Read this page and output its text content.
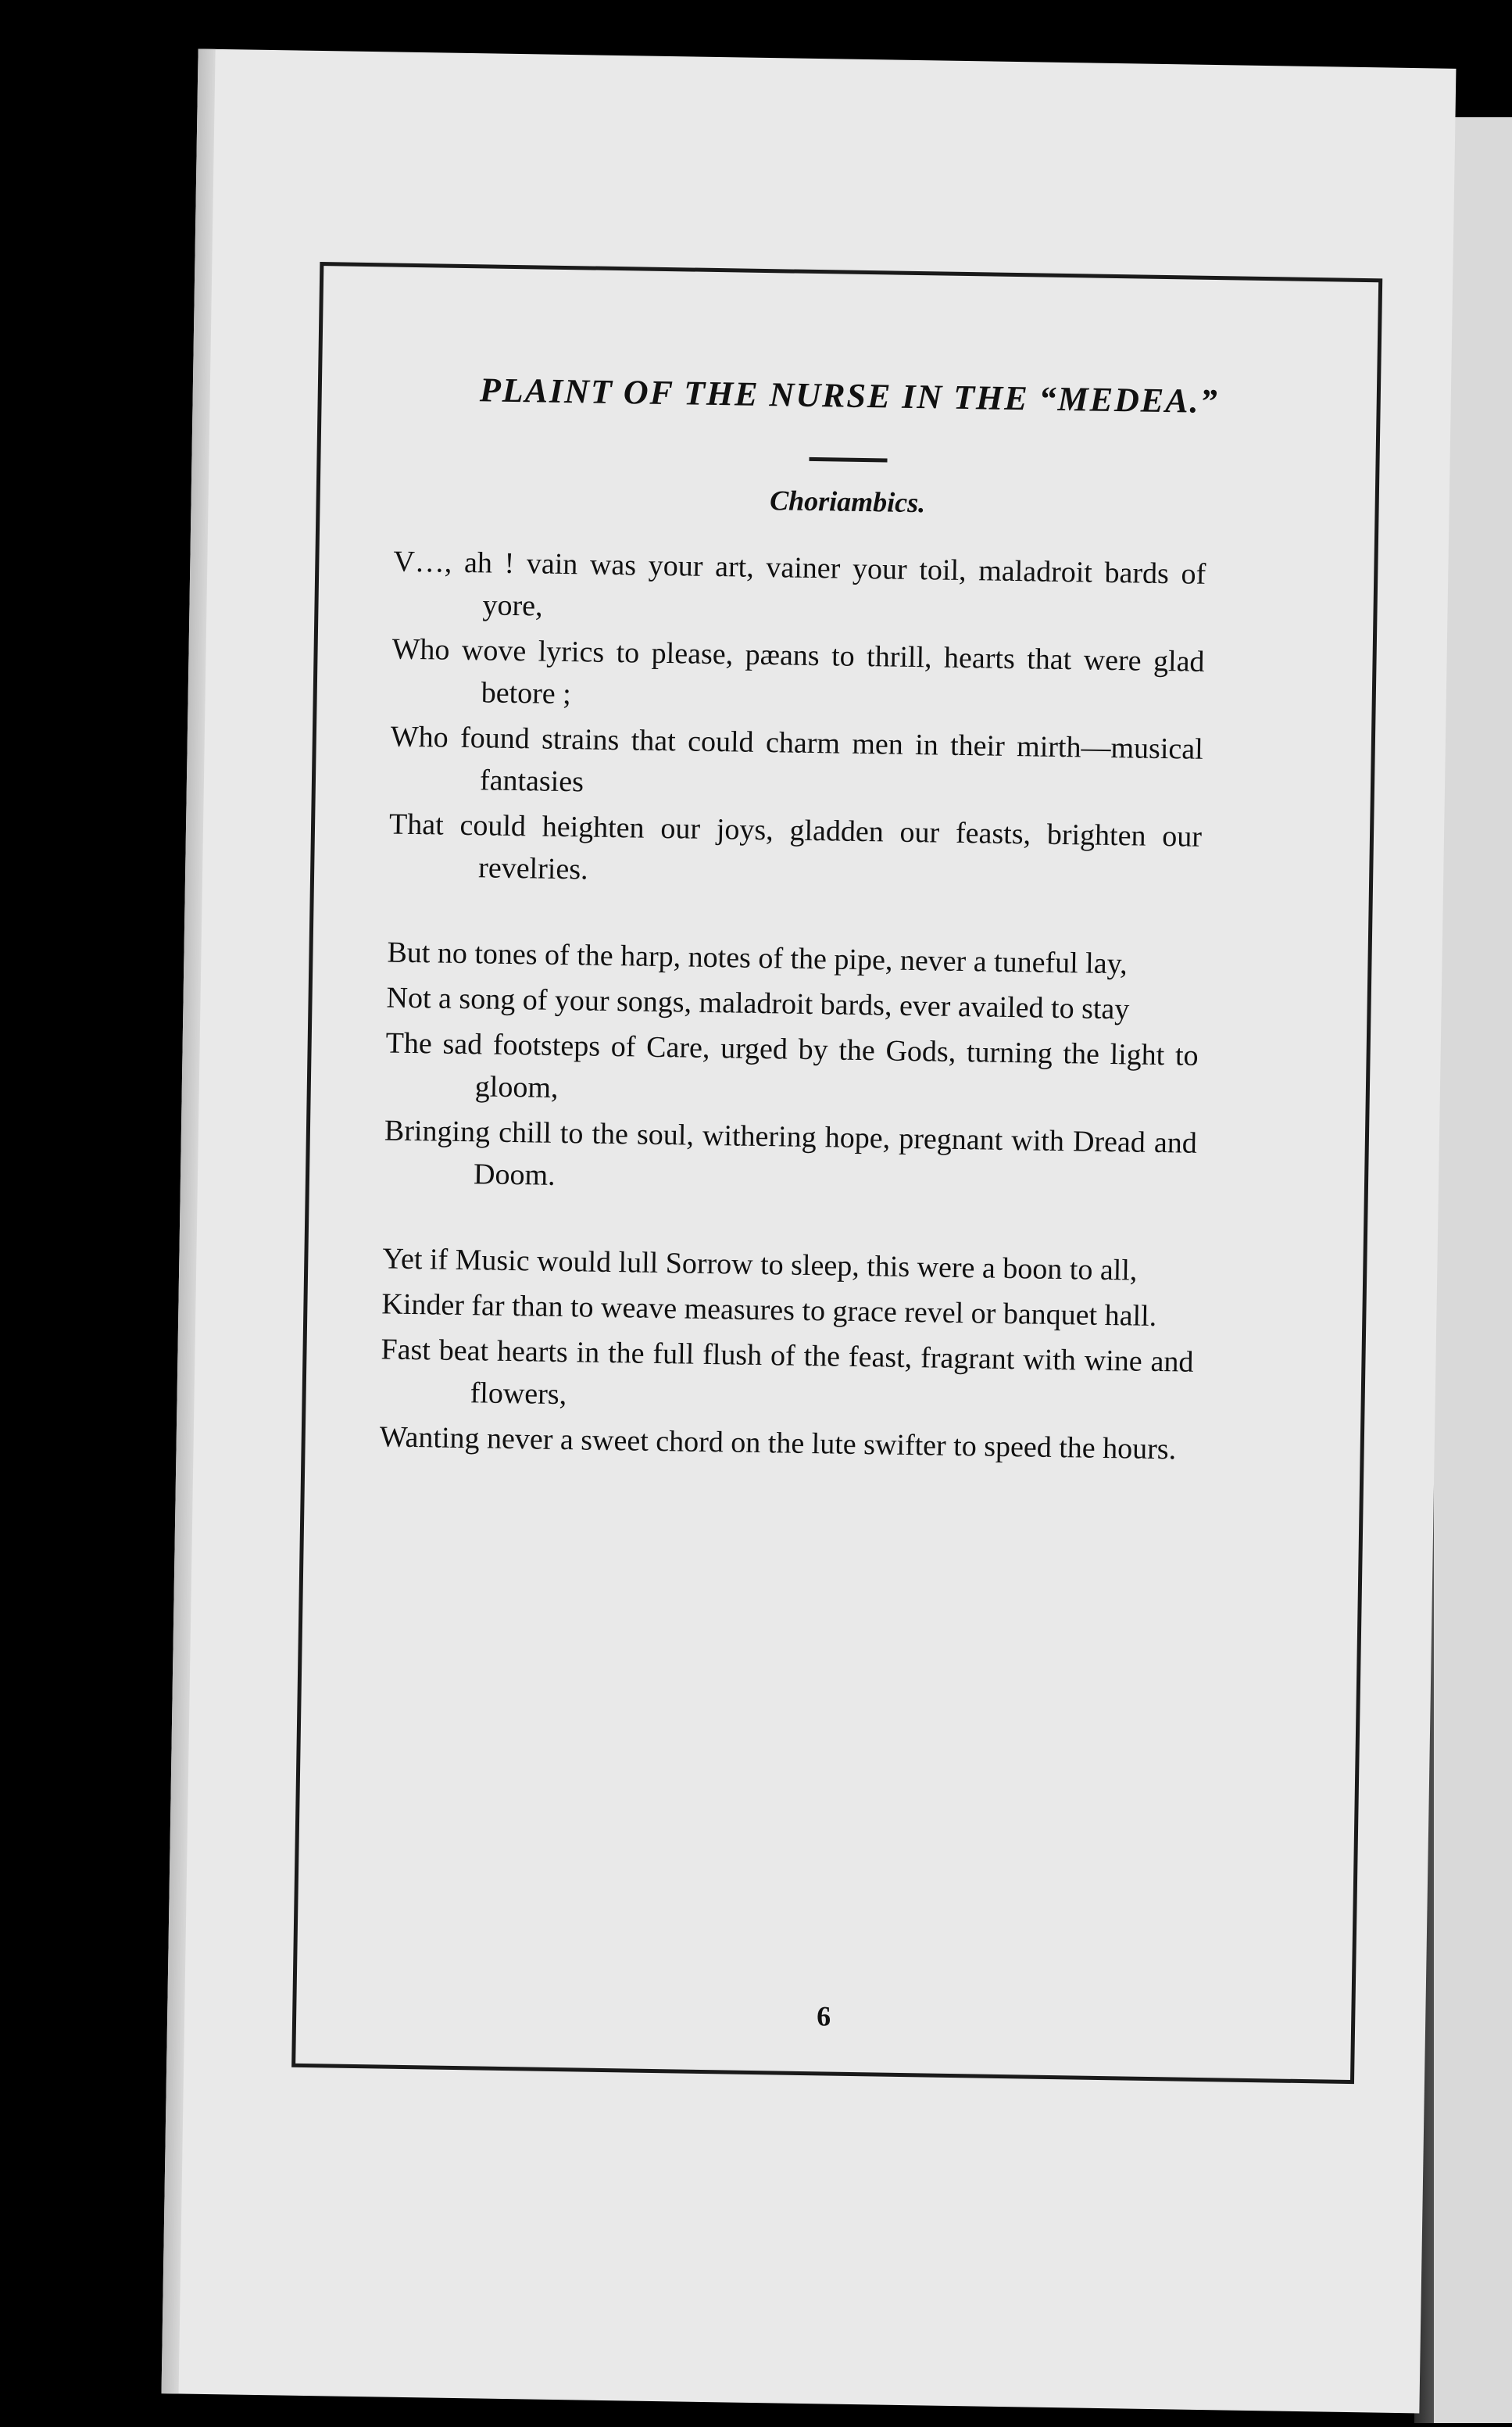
PLAINT OF THE NURSE IN THE “MEDEA.”
Choriambics.

V…, ah ! vain was your art, vainer your toil, maladroit bards of yore,

Who wove lyrics to please, pæans to thrill, hearts that were glad betore ;

Who found strains that could charm men in their mirth—musical fantasies

That could heighten our joys, gladden our feasts, brighten our revelries.

But no tones of the harp, notes of the pipe, never a tuneful lay,

Not a song of your songs, maladroit bards, ever availed to stay

The sad footsteps of Care, urged by the Gods, turning the light to gloom,

Bringing chill to the soul, withering hope, pregnant with Dread and Doom.

Yet if Music would lull Sorrow to sleep, this were a boon to all,

Kinder far than to weave measures to grace revel or banquet hall.

Fast beat hearts in the full flush of the feast, fragrant with wine and flowers,

Wanting never a sweet chord on the lute swifter to speed the hours.

6
